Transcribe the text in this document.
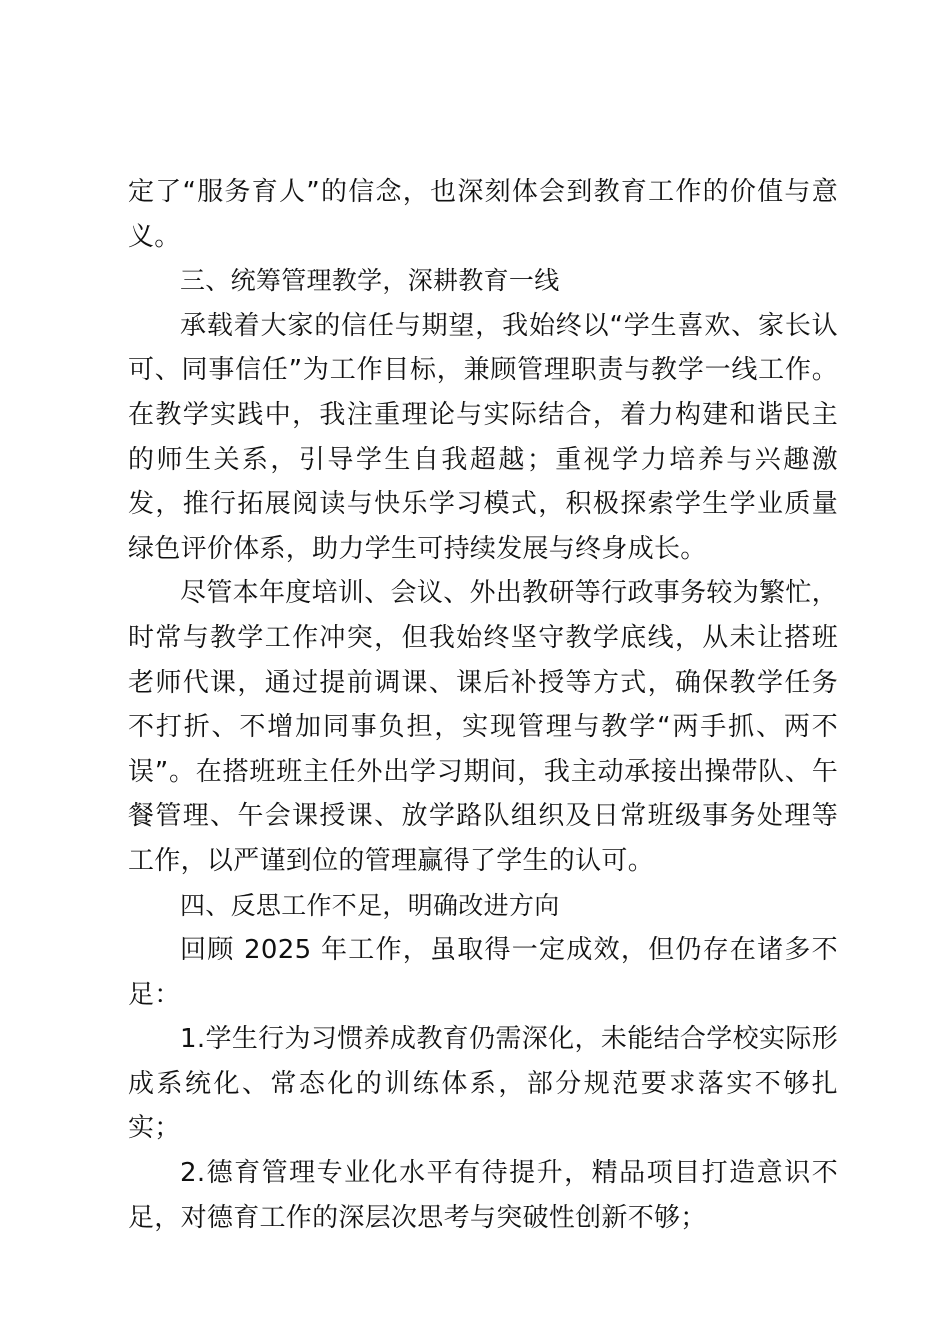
定了“服务育人”的信念，也深刻体会到教育工作的价值与意义。

三、统筹管理教学，深耕教育一线

承载着大家的信任与期望，我始终以“学生喜欢、家长认可、同事信任”为工作目标，兼顾管理职责与教学一线工作。在教学实践中，我注重理论与实际结合，着力构建和谐民主的师生关系，引导学生自我超越；重视学力培养与兴趣激发，推行拓展阅读与快乐学习模式，积极探索学生学业质量绿色评价体系，助力学生可持续发展与终身成长。

尽管本年度培训、会议、外出教研等行政事务较为繁忙，时常与教学工作冲突，但我始终坚守教学底线，从未让搭班老师代课，通过提前调课、课后补授等方式，确保教学任务不打折、不增加同事负担，实现管理与教学“两手抓、两不误”。在搭班班主任外出学习期间，我主动承接出操带队、午餐管理、午会课授课、放学路队组织及日常班级事务处理等工作，以严谨到位的管理赢得了学生的认可。

四、反思工作不足，明确改进方向

回顾 2025 年工作，虽取得一定成效，但仍存在诸多不足：

1.学生行为习惯养成教育仍需深化，未能结合学校实际形成系统化、常态化的训练体系，部分规范要求落实不够扎实；

2.德育管理专业化水平有待提升，精品项目打造意识不足，对德育工作的深层次思考与突破性创新不够；
